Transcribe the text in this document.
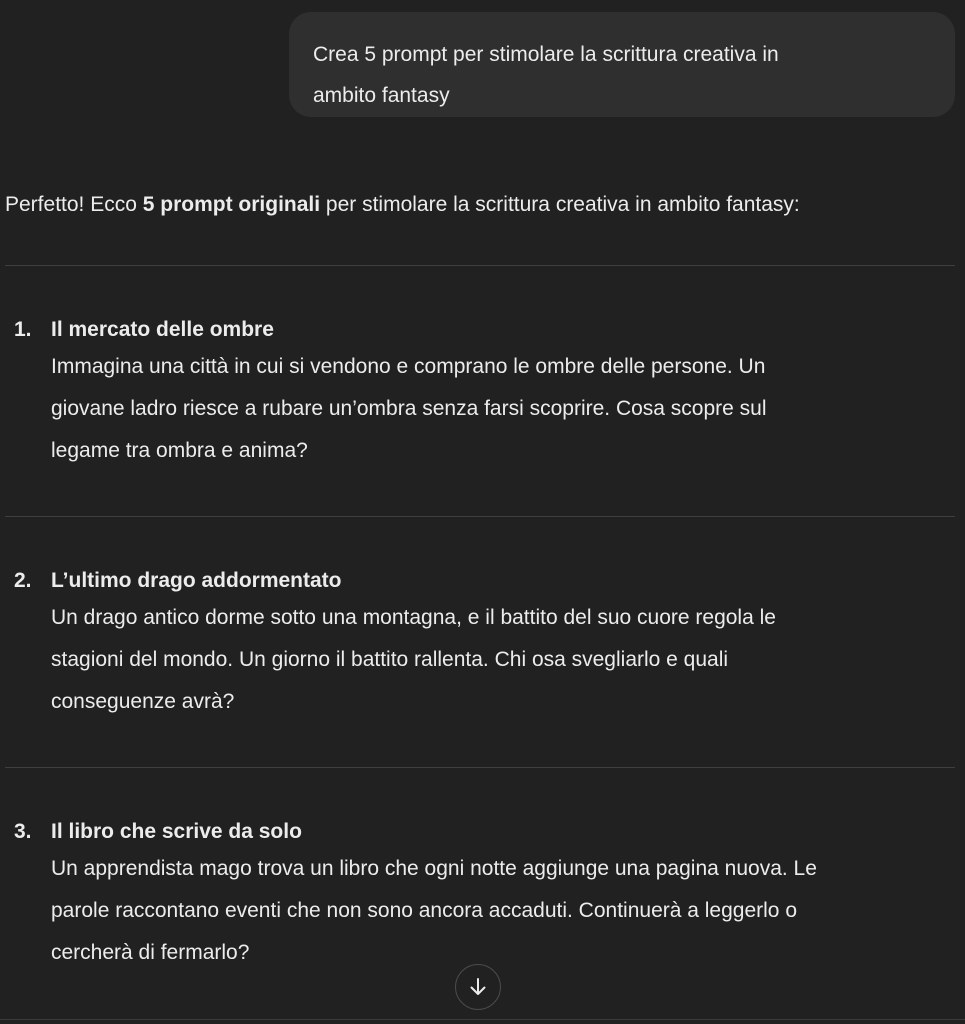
Crea 5 prompt per stimolare la scrittura creativa in
ambito fantasy
Perfetto! Ecco 5 prompt originali per stimolare la scrittura creativa in ambito fantasy:
1. Il mercato delle ombre
Immagina una città in cui si vendono e comprano le ombre delle persone. Un
giovane ladro riesce a rubare un’ombra senza farsi scoprire. Cosa scopre sul
legame tra ombra e anima?
2. L’ultimo drago addormentato
Un drago antico dorme sotto una montagna, e il battito del suo cuore regola le
stagioni del mondo. Un giorno il battito rallenta. Chi osa svegliarlo e quali
conseguenze avrà?
3. Il libro che scrive da solo
Un apprendista mago trova un libro che ogni notte aggiunge una pagina nuova. Le
parole raccontano eventi che non sono ancora accaduti. Continuerà a leggerlo o
cercherà di fermarlo?
